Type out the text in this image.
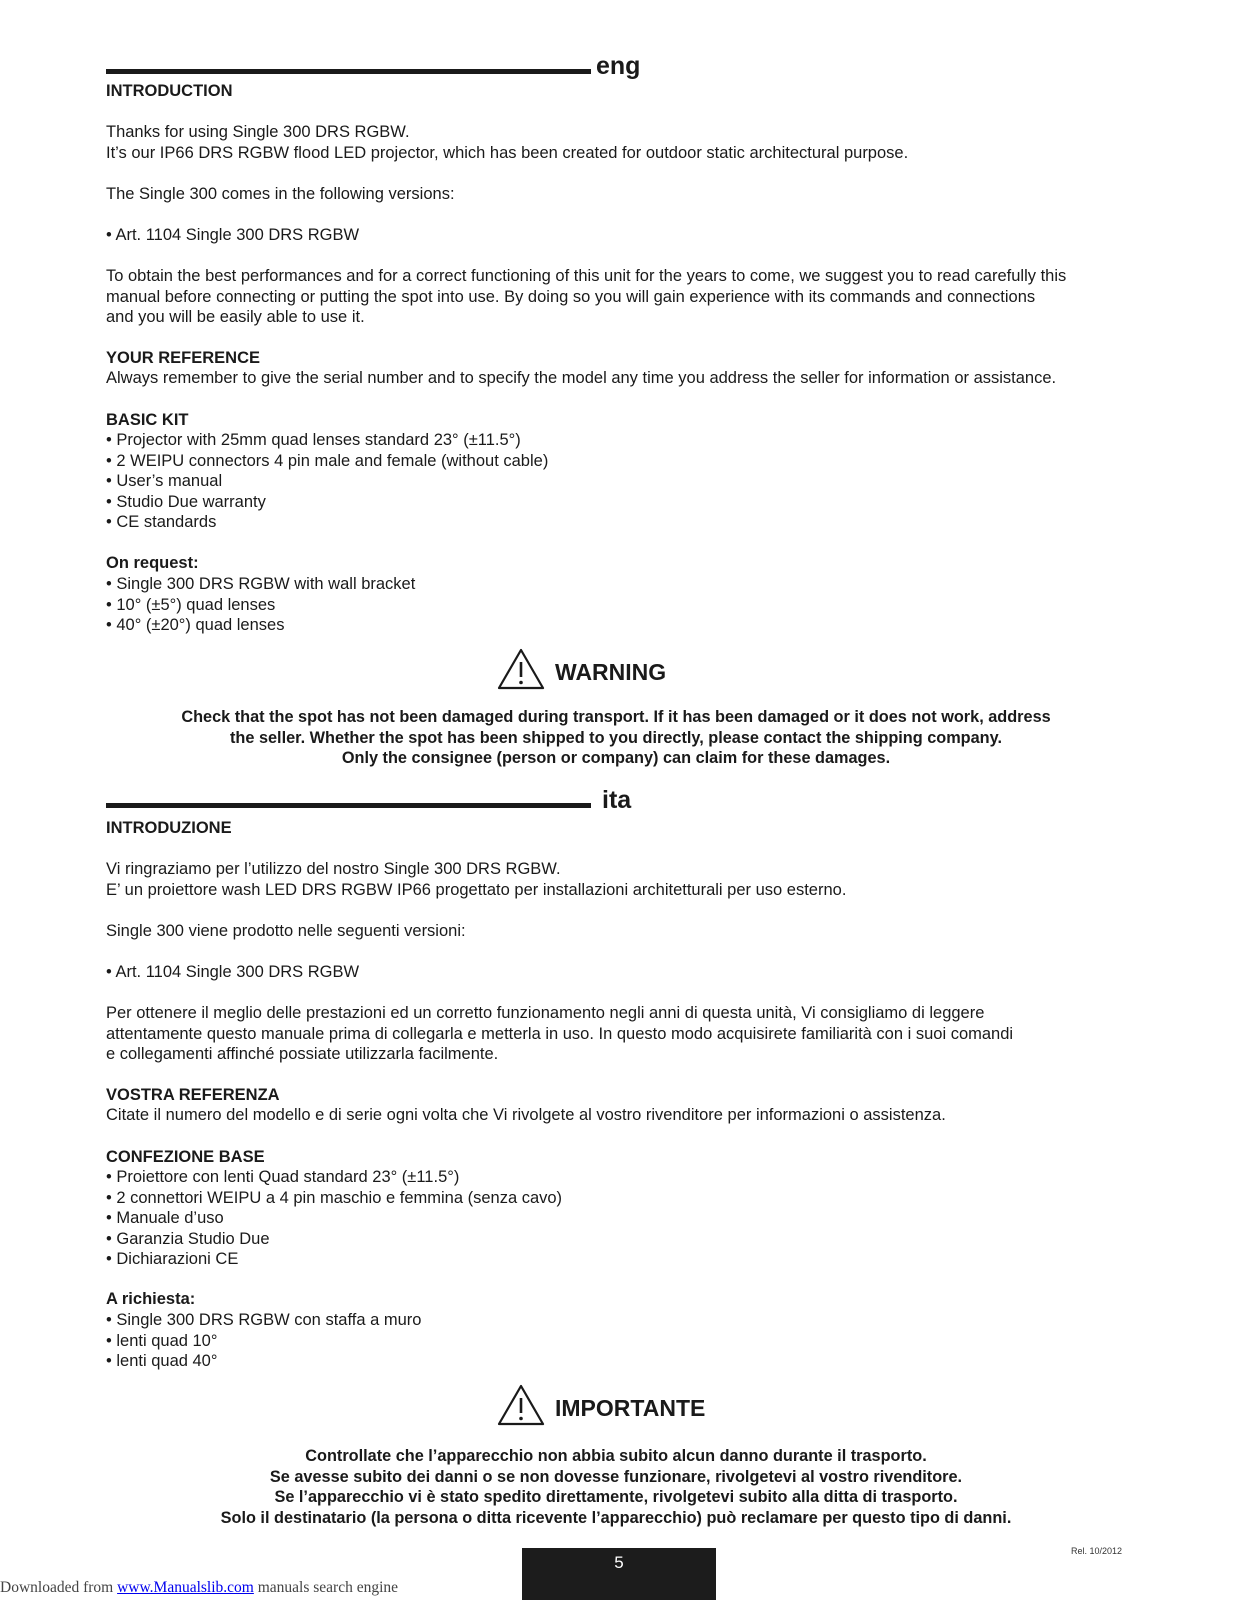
eng
INTRODUCTION
Thanks for using Single 300 DRS RGBW.
It’s our IP66 DRS RGBW flood LED projector, which has been created for outdoor static architectural purpose.
The Single 300 comes in the following versions:
• Art. 1104 Single 300 DRS RGBW
To obtain the best performances and for a correct functioning of this unit for the years to come, we suggest you to read carefully this
manual before connecting or putting the spot into use. By doing so you will gain experience with its commands and connections
and you will be easily able to use it.
YOUR REFERENCE
Always remember to give the serial number and to specify the model any time you address the seller for information or assistance.
BASIC KIT
• Projector with 25mm quad lenses standard 23° (±11.5°)
• 2 WEIPU connectors 4 pin male and female (without cable)
• User’s manual
• Studio Due warranty
• CE standards
On request:
• Single 300 DRS RGBW with wall bracket
• 10° (±5°) quad lenses
• 40° (±20°) quad lenses
WARNING
Check that the spot has not been damaged during transport. If it has been damaged or it does not work, address
the seller. Whether the spot has been shipped to you directly, please contact the shipping company.
Only the consignee (person or company) can claim for these damages.
ita
INTRODUZIONE
Vi ringraziamo per l’utilizzo del nostro Single 300 DRS RGBW.
E’ un proiettore wash LED DRS RGBW IP66 progettato per installazioni architetturali per uso esterno.
Single 300 viene prodotto nelle seguenti versioni:
• Art. 1104 Single 300 DRS RGBW
Per ottenere il meglio delle prestazioni ed un corretto funzionamento negli anni di questa unità, Vi consigliamo di leggere
attentamente questo manuale prima di collegarla e metterla in uso. In questo modo acquisirete familiarità con i suoi comandi
e collegamenti affinché possiate utilizzarla facilmente.
VOSTRA REFERENZA
Citate il numero del modello e di serie ogni volta che Vi rivolgete al vostro rivenditore per informazioni o assistenza.
CONFEZIONE BASE
• Proiettore con lenti Quad standard 23° (±11.5°)
• 2 connettori WEIPU a 4 pin maschio e femmina (senza cavo)
• Manuale d’uso
• Garanzia Studio Due
• Dichiarazioni CE
A richiesta:
• Single 300 DRS RGBW con staffa a muro
• lenti quad 10°
• lenti quad 40°
IMPORTANTE
Controllate che l’apparecchio non abbia subito alcun danno durante il trasporto.
Se avesse subito dei danni o se non dovesse funzionare, rivolgetevi al vostro rivenditore.
Se l’apparecchio vi è stato spedito direttamente, rivolgetevi subito alla ditta di trasporto.
Solo il destinatario (la persona o ditta ricevente l’apparecchio) può reclamare per questo tipo di danni.
5
Rel. 10/2012
Downloaded from www.Manualslib.com manuals search engine
